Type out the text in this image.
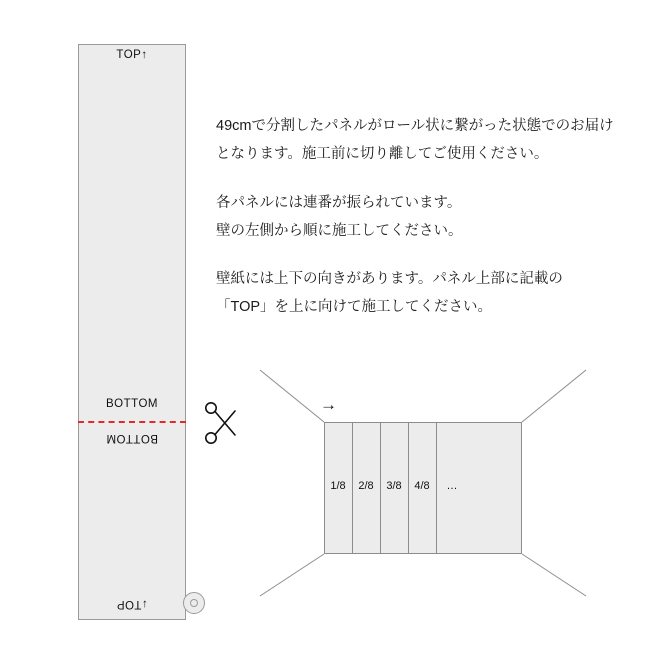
TOP↑
BOTTOM
BOTTOM
↓TOP

49cmで分割したパネルがロール状に繋がった状態でのお届けとなります。施工前に切り離してご使用ください。

各パネルには連番が振られています。
壁の左側から順に施工してください。

壁紙には上下の向きがあります。パネル上部に記載の
「TOP」を上に向けて施工してください。

1/8	2/8	3/8	4/8	…
→
